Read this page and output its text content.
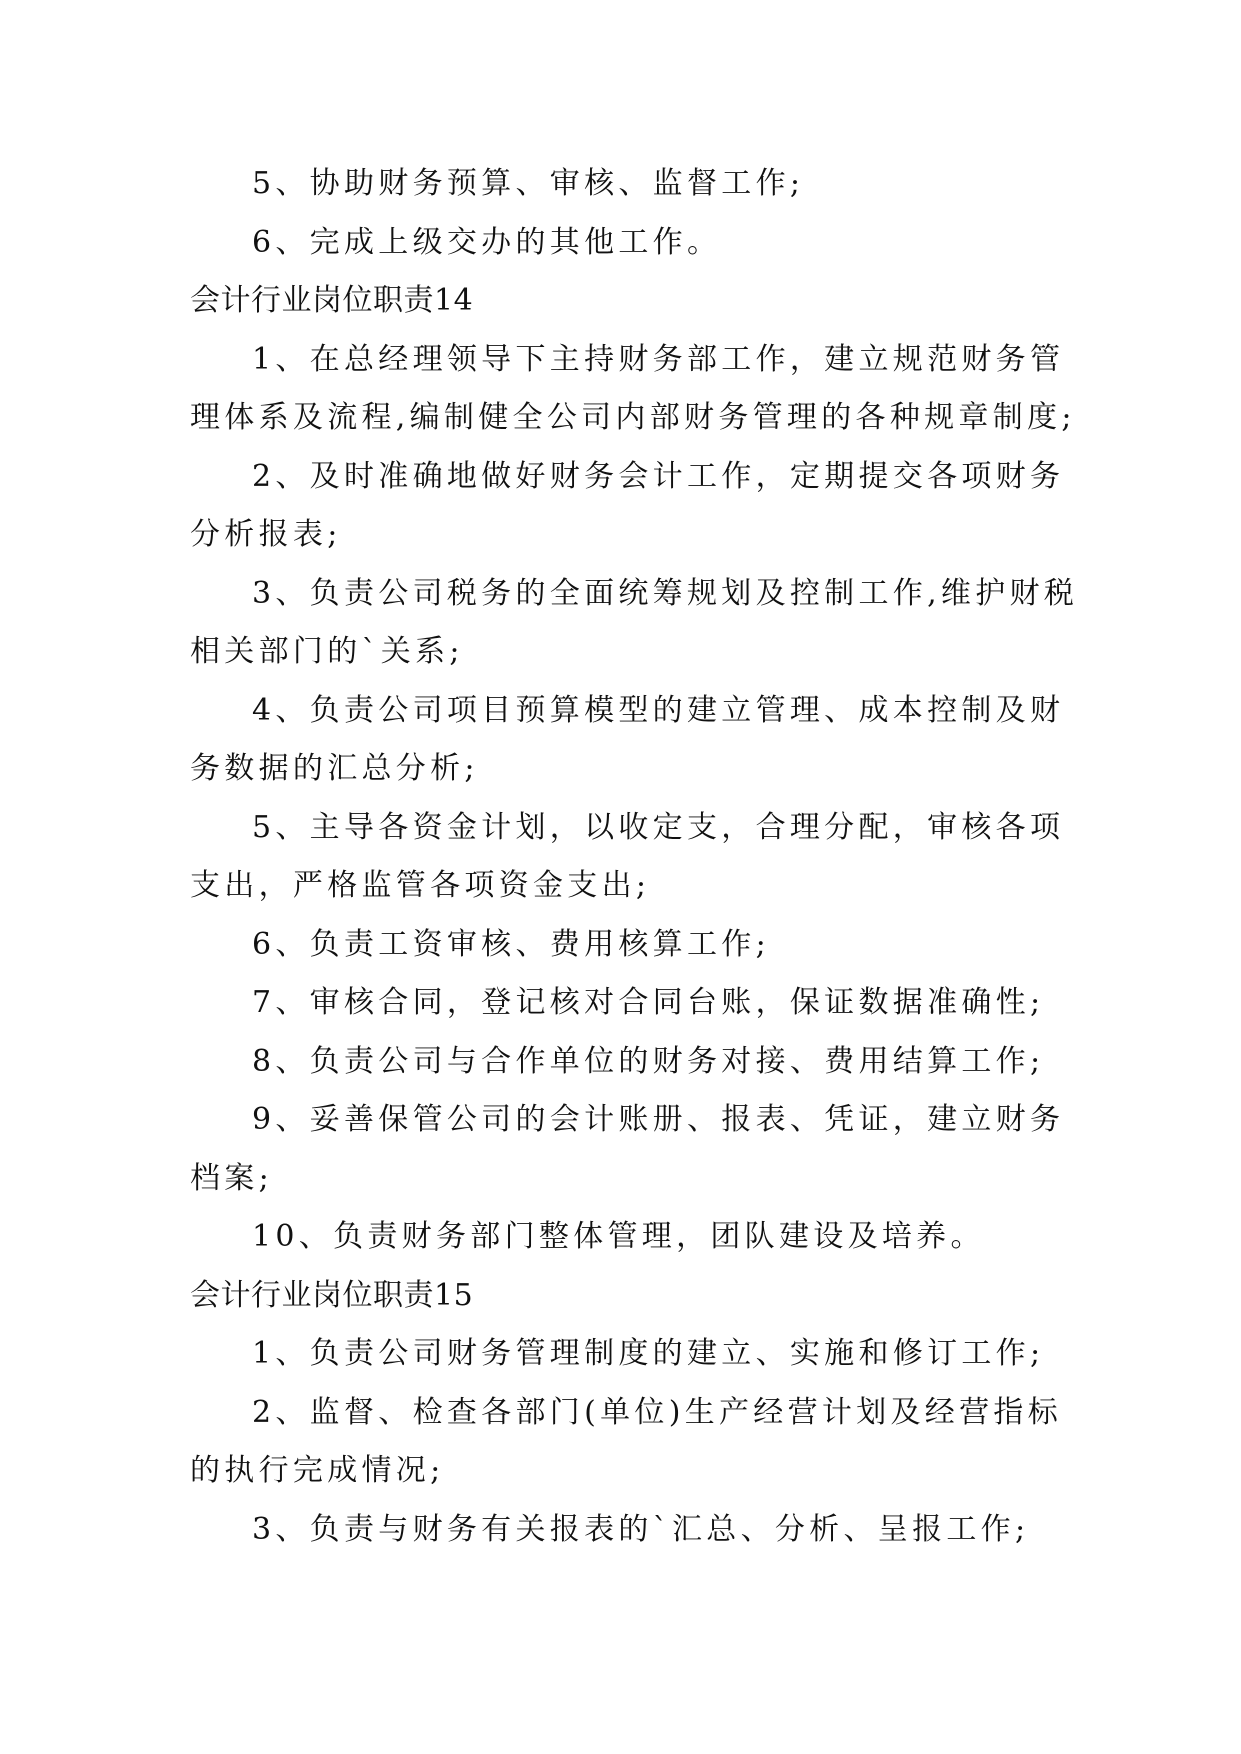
5、协助财务预算、审核、监督工作;
6、完成上级交办的其他工作。
会计行业岗位职责14
1、在总经理领导下主持财务部工作，建立规范财务管
理体系及流程,编制健全公司内部财务管理的各种规章制度;
2、及时准确地做好财务会计工作，定期提交各项财务
分析报表;
3、负责公司税务的全面统筹规划及控制工作,维护财税
相关部门的`关系;
4、负责公司项目预算模型的建立管理、成本控制及财
务数据的汇总分析;
5、主导各资金计划，以收定支，合理分配，审核各项
支出，严格监管各项资金支出;
6、负责工资审核、费用核算工作;
7、审核合同，登记核对合同台账，保证数据准确性;
8、负责公司与合作单位的财务对接、费用结算工作;
9、妥善保管公司的会计账册、报表、凭证，建立财务
档案;
10、负责财务部门整体管理，团队建设及培养。
会计行业岗位职责15
1、负责公司财务管理制度的建立、实施和修订工作;
2、监督、检查各部门(单位)生产经营计划及经营指标
的执行完成情况;
3、负责与财务有关报表的`汇总、分析、呈报工作;
